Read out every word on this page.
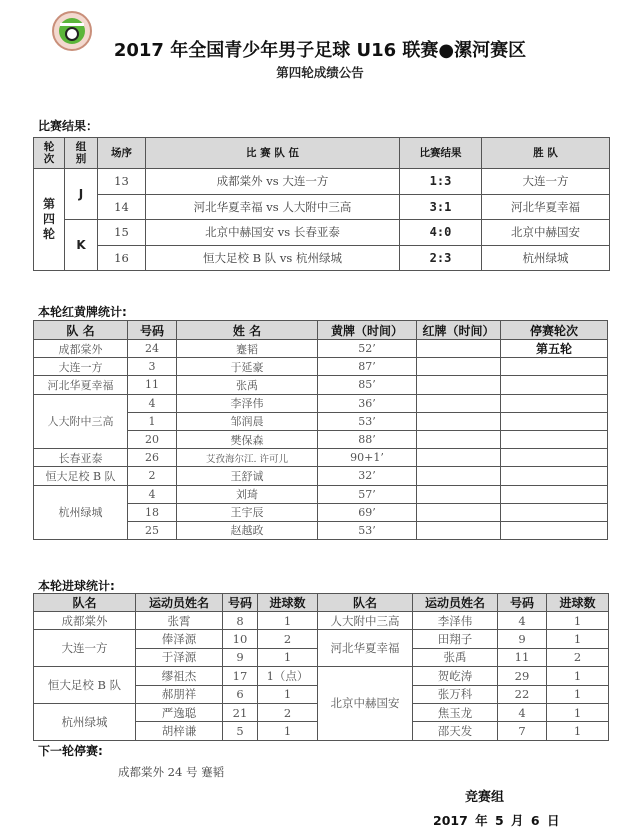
2017 年全国青少年男子足球 U16 联赛●漯河赛区
第四轮成绩公告
比赛结果：
轮次	组别	场序	比 赛 队 伍	比赛结果	胜 队
第四轮	J	13	成都棠外 vs 大连一方	1:3	大连一方
		14	河北华夏幸福 vs 人大附中三高	3:1	河北华夏幸福
	K	15	北京中赫国安 vs 长春亚泰	4:0	北京中赫国安
		16	恒大足校 B 队 vs 杭州绿城	2:3	杭州绿城
本轮红黄牌统计:
队 名	号码	姓 名	黄牌（时间）	红牌（时间）	停赛轮次
成都棠外	24	蹇韬	52’		第五轮
大连一方	3	于延豪	87’		
河北华夏幸福	11	张禹	85’		
人大附中三高	4	李泽伟	36’		
	1	邹润晨	53’		
	20	樊保森	88’		
长春亚泰	26	艾孜海尔江. 许可儿	90+1’		
恒大足校 B 队	2	王舒诚	32’		
杭州绿城	4	刘琦	57’		
	18	王宇辰	69’		
	25	赵越政	53’		
本轮进球统计:
队名	运动员姓名	号码	进球数	队名	运动员姓名	号码	进球数
成都棠外	张霄	8	1	人大附中三高	李泽伟	4	1
大连一方	俸泽源	10	2	河北华夏幸福	田翔子	9	1
	于泽源	9	1		张禹	11	2
恒大足校 B 队	缪祖杰	17	1（点）	北京中赫国安	贺屹涛	29	1
	郝朋祥	6	1		张万科	22	1
杭州绿城	严逸聪	21	2		焦玉龙	4	1
	胡梓谦	5	1		邵天发	7	1
下一轮停赛:
成都棠外 24 号 蹇韬
竞赛组
2017 年 5 月 6 日
